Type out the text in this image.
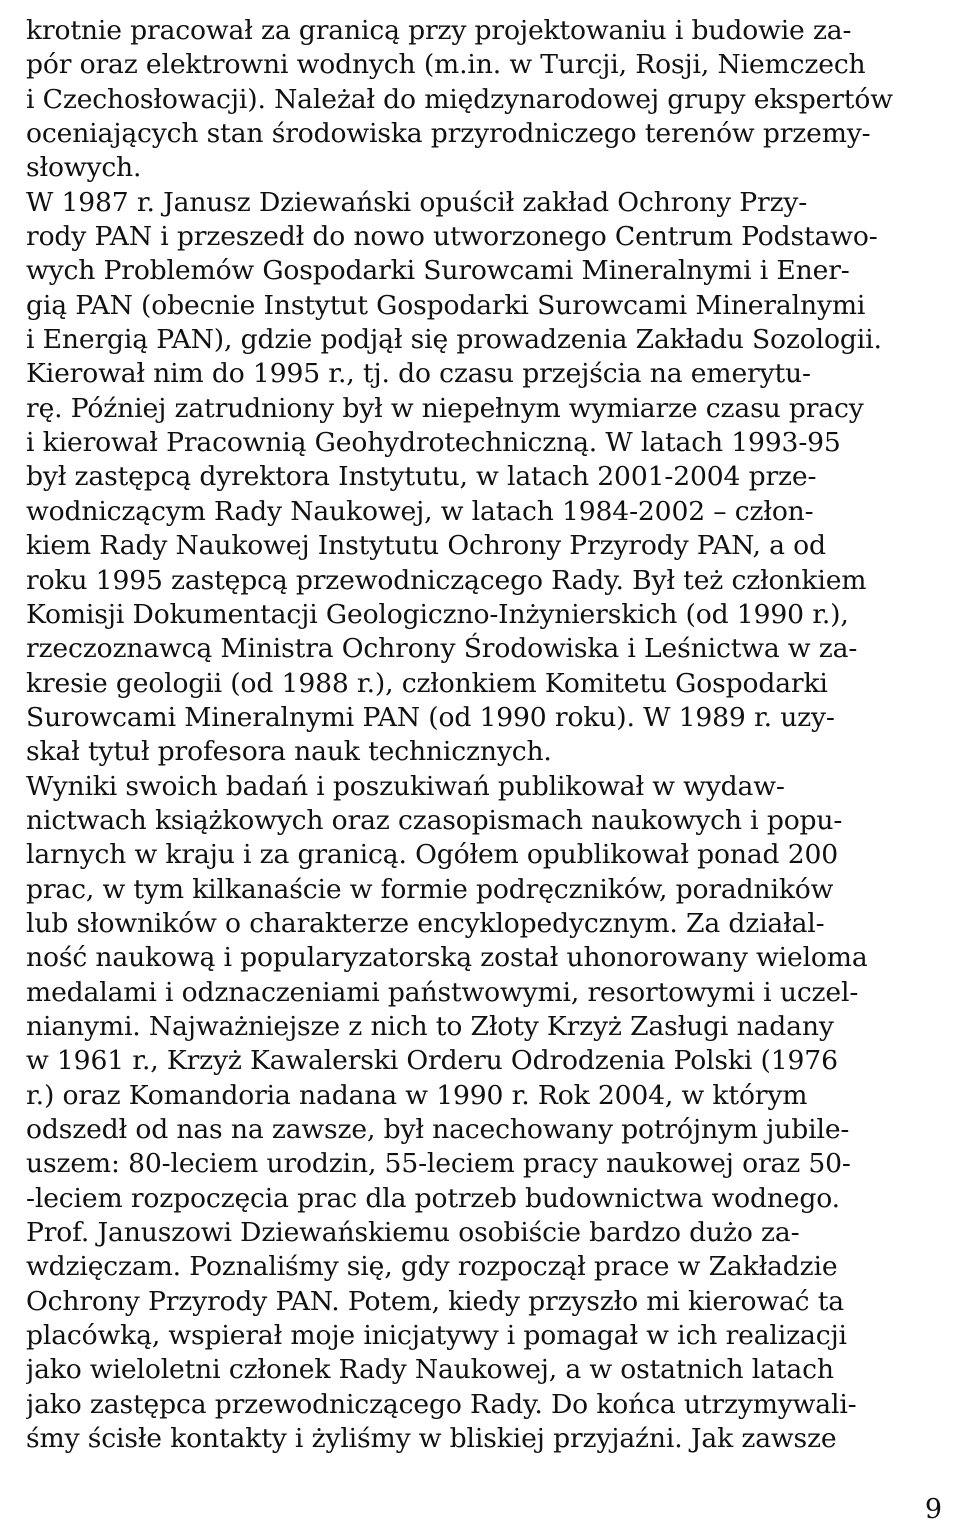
krotnie pracował za granicą przy projektowaniu i budowie za-
pór oraz elektrowni wodnych (m.in. w Turcji, Rosji, Niemczech
i Czechosłowacji). Należał do międzynarodowej grupy ekspertów
oceniających stan środowiska przyrodniczego terenów przemy-
słowych.
W 1987 r. Janusz Dziewański opuścił zakład Ochrony Przy-
rody PAN i przeszedł do nowo utworzonego Centrum Podstawo-
wych Problemów Gospodarki Surowcami Mineralnymi i Ener-
gią PAN (obecnie Instytut Gospodarki Surowcami Mineralnymi
i Energią PAN), gdzie podjął się prowadzenia Zakładu Sozologii.
Kierował nim do 1995 r., tj. do czasu przejścia na emerytu-
rę. Później zatrudniony był w niepełnym wymiarze czasu pracy
i kierował Pracownią Geohydrotechniczną. W latach 1993-95
był zastępcą dyrektora Instytutu, w latach 2001-2004 prze-
wodniczącym Rady Naukowej, w latach 1984-2002 – człon-
kiem Rady Naukowej Instytutu Ochrony Przyrody PAN, a od
roku 1995 zastępcą przewodniczącego Rady. Był też członkiem
Komisji Dokumentacji Geologiczno-Inżynierskich (od 1990 r.),
rzeczoznawcą Ministra Ochrony Środowiska i Leśnictwa w za-
kresie geologii (od 1988 r.), członkiem Komitetu Gospodarki
Surowcami Mineralnymi PAN (od 1990 roku). W 1989 r. uzy-
skał tytuł profesora nauk technicznych.
Wyniki swoich badań i poszukiwań publikował w wydaw-
nictwach książkowych oraz czasopismach naukowych i popu-
larnych w kraju i za granicą. Ogółem opublikował ponad 200
prac, w tym kilkanaście w formie podręczników, poradników
lub słowników o charakterze encyklopedycznym. Za działal-
ność naukową i popularyzatorską został uhonorowany wieloma
medalami i odznaczeniami państwowymi, resortowymi i uczel-
nianymi. Najważniejsze z nich to Złoty Krzyż Zasługi nadany
w 1961 r., Krzyż Kawalerski Orderu Odrodzenia Polski (1976
r.) oraz Komandoria nadana w 1990 r. Rok 2004, w którym
odszedł od nas na zawsze, był nacechowany potrójnym jubile-
uszem: 80-leciem urodzin, 55-leciem pracy naukowej oraz 50-
-leciem rozpoczęcia prac dla potrzeb budownictwa wodnego.
Prof. Januszowi Dziewańskiemu osobiście bardzo dużo za-
wdzięczam. Poznaliśmy się, gdy rozpoczął prace w Zakładzie
Ochrony Przyrody PAN. Potem, kiedy przyszło mi kierować ta
placówką, wspierał moje inicjatywy i pomagał w ich realizacji
jako wieloletni członek Rady Naukowej, a w ostatnich latach
jako zastępca przewodniczącego Rady. Do końca utrzymywali-
śmy ścisłe kontakty i żyliśmy w bliskiej przyjaźni. Jak zawsze
9
